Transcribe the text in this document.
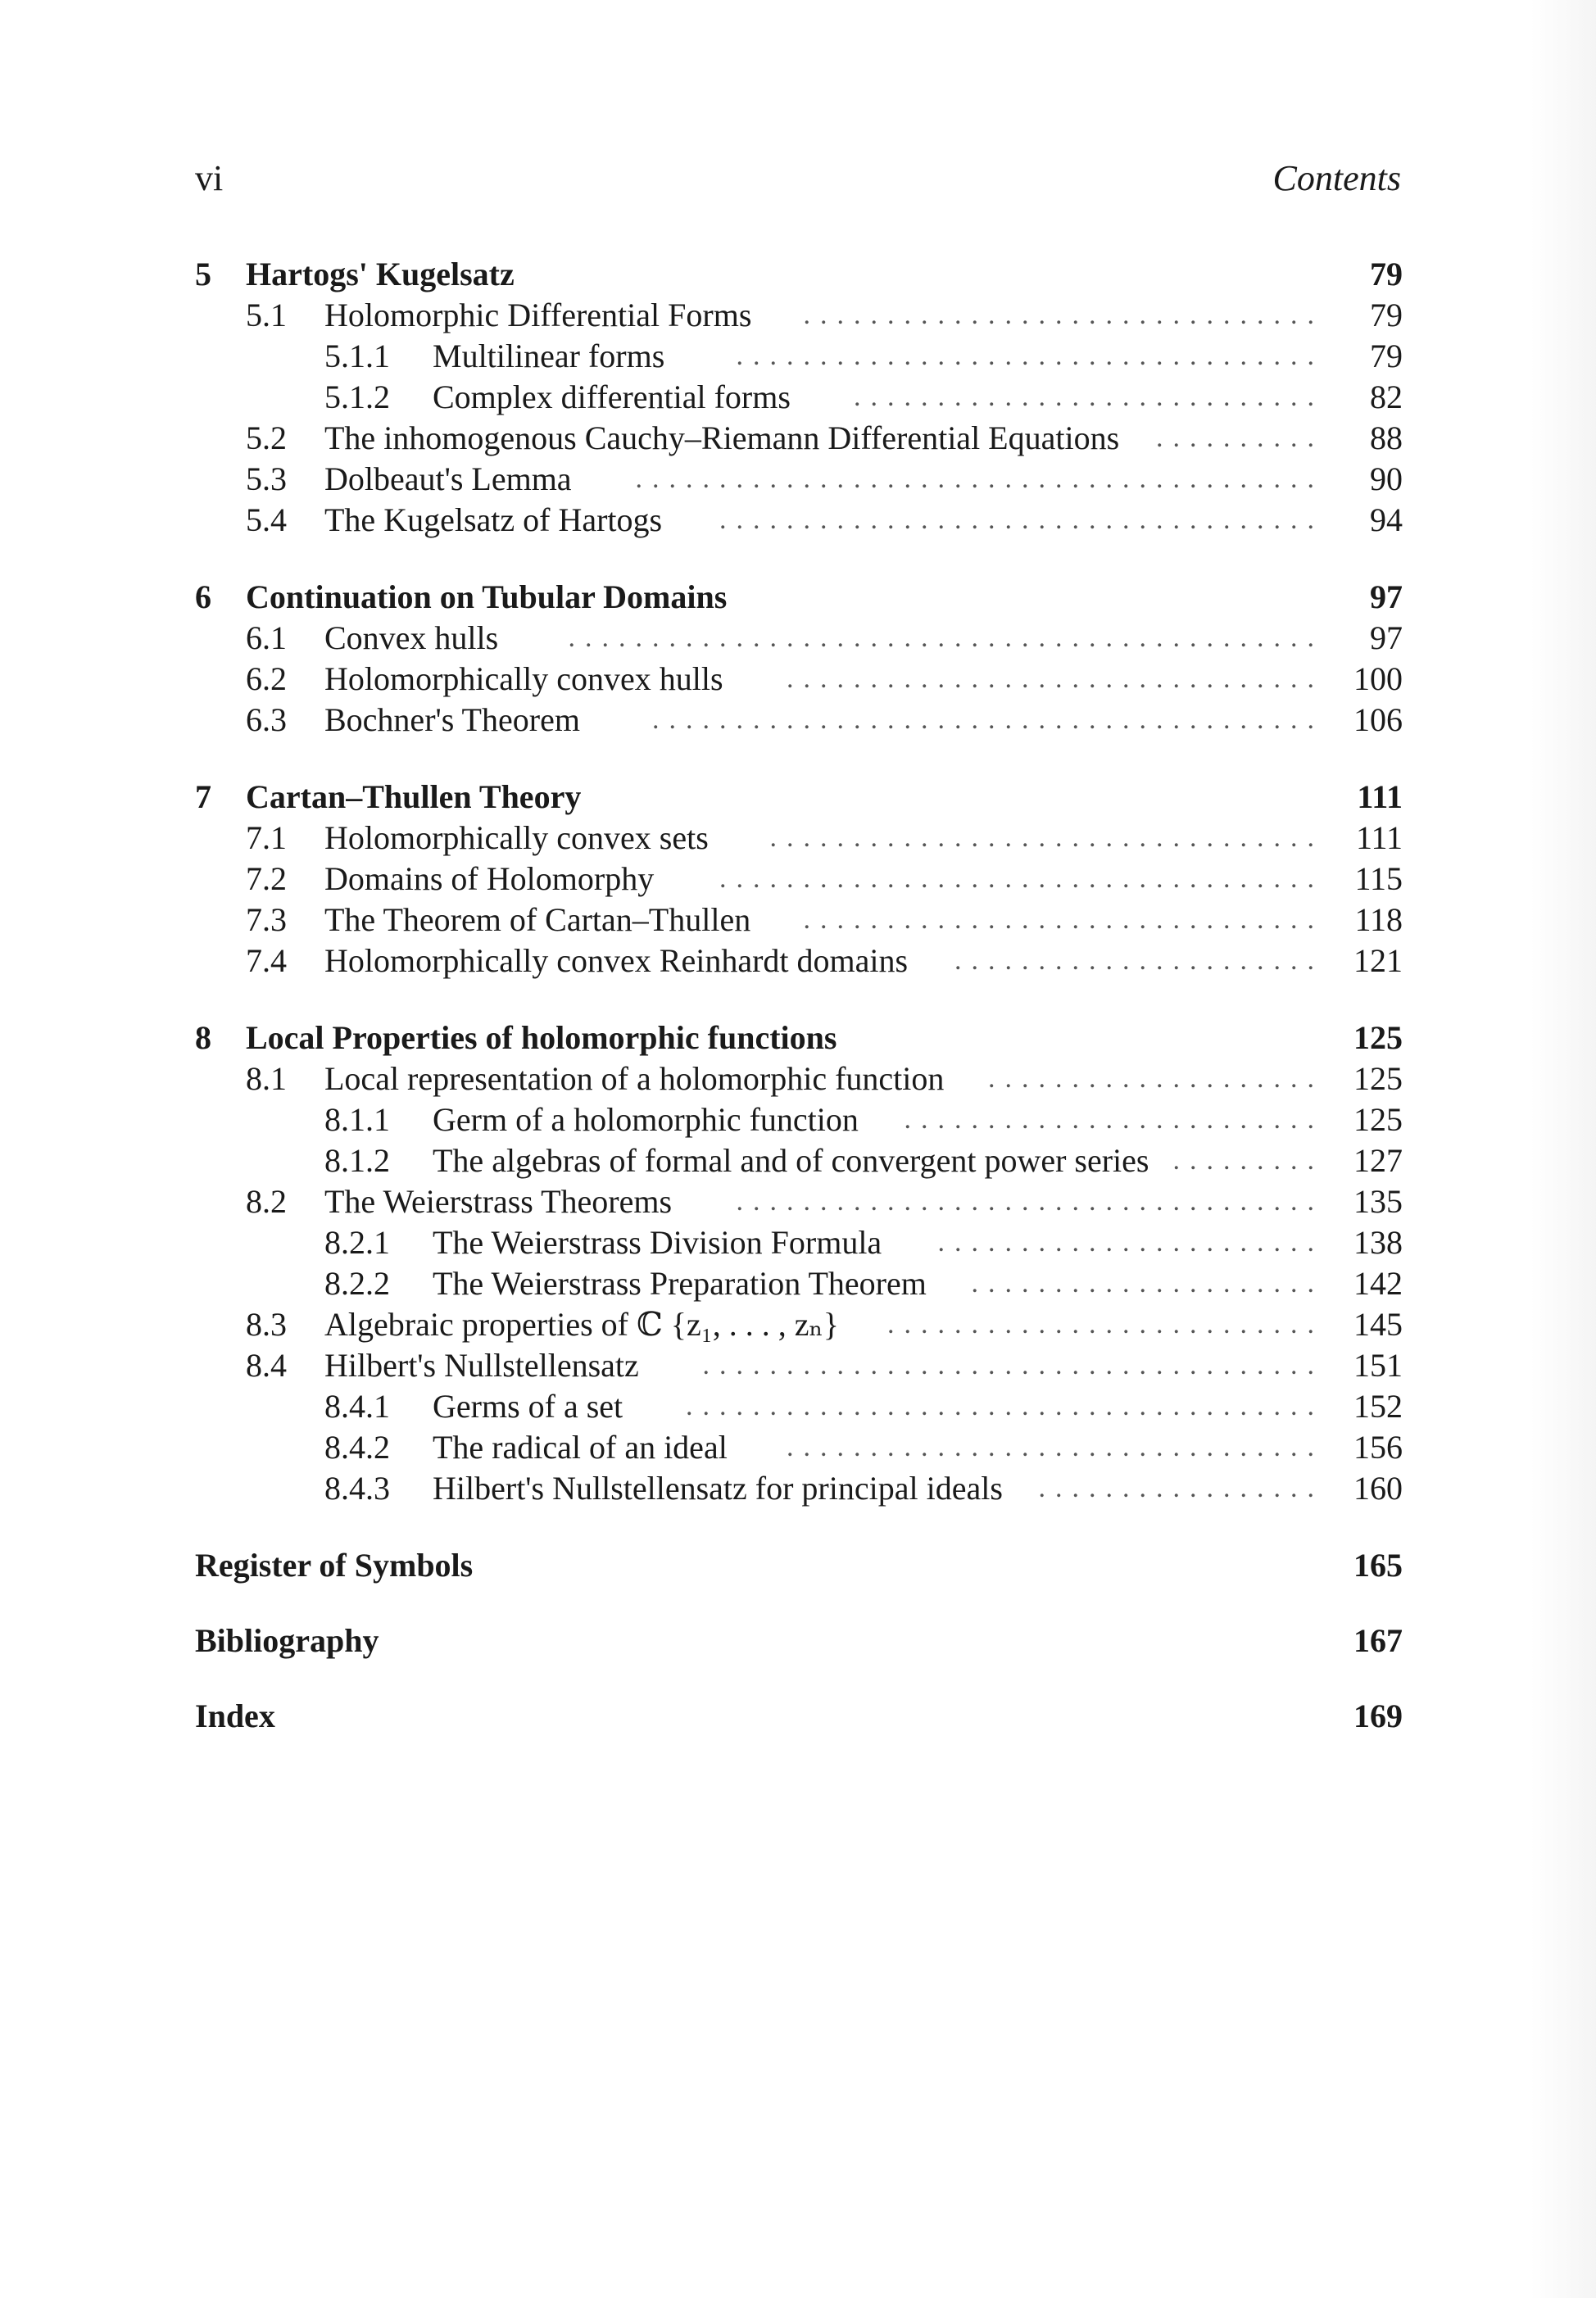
vi	Contents
5	Hartogs' Kugelsatz	79
5.1 Holomorphic Differential Forms	...............................	79
5.1.1 Multilinear forms	...................................	79
5.1.2 Complex differential forms	............................	82
5.2 The inhomogenous Cauchy–Riemann Differential Equations	..........	88
5.3 Dolbeaut's Lemma	.........................................	90
5.4 The Kugelsatz of Hartogs	....................................	94
6	Continuation on Tubular Domains	97
6.1 Convex hulls	.............................................	97
6.2 Holomorphically convex hulls	................................ 100
6.3 Bochner's Theorem	........................................ 106
7	Cartan–Thullen Theory	111
7.1 Holomorphically convex sets	................................. 111
7.2 Domains of Holomorphy	.................................... 115
7.3 The Theorem of Cartan–Thullen	............................... 118
7.4 Holomorphically convex Reinhardt domains	...................... 121
8	Local Properties of holomorphic functions	125
8.1 Local representation of a holomorphic function	.................... 125
8.1.1 Germ of a holomorphic function	......................... 125
8.1.2 The algebras of formal and of convergent power series ......... 127
8.2 The Weierstrass Theorems	................................... 135
8.2.1 The Weierstrass Division Formula	....................... 138
8.2.2 The Weierstrass Preparation Theorem	..................... 142
8.3 Algebraic properties of ℂ {z₁, . . . , zₙ}	.......................... 145
8.4 Hilbert's Nullstellensatz	..................................... 151
8.4.1 Germs of a set	...................................... 152
8.4.2 The radical of an ideal	................................ 156
8.4.3 Hilbert's Nullstellensatz for principal ideals	................. 160
Register of Symbols	165
Bibliography	167
Index	169
